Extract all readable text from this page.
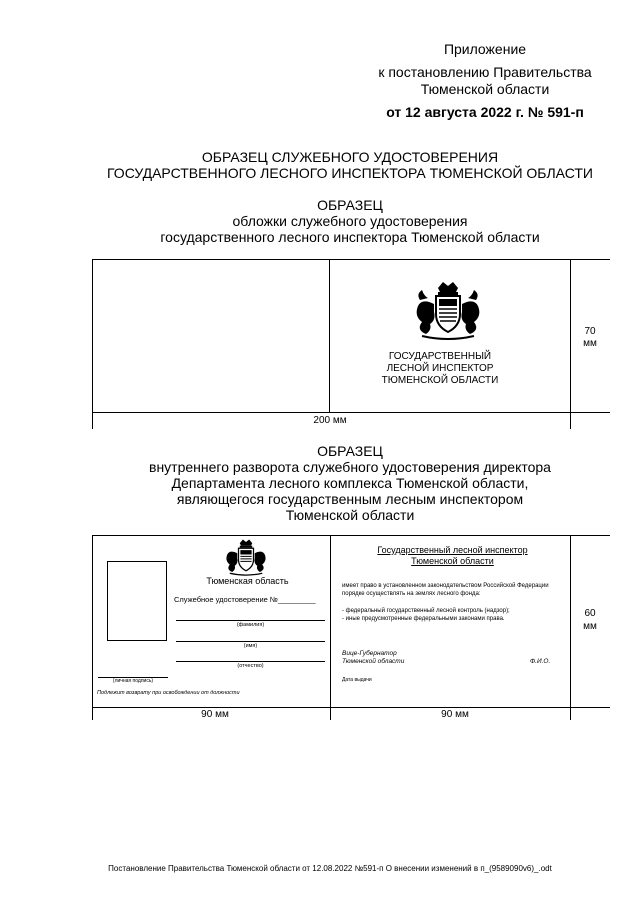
Приложение
к постановлению Правительства
Тюменской области
от 12 августа 2022 г. № 591-п
ОБРАЗЕЦ СЛУЖЕБНОГО УДОСТОВЕРЕНИЯ
ГОСУДАРСТВЕННОГО ЛЕСНОГО ИНСПЕКТОРА ТЮМЕНСКОЙ ОБЛАСТИ
ОБРАЗЕЦ
обложки служебного удостоверения
государственного лесного инспектора Тюменской области
ГОСУДАРСТВЕННЫЙ
ЛЕСНОЙ ИНСПЕКТОР
ТЮМЕНСКОЙ ОБЛАСТИ
70
мм
200 мм
ОБРАЗЕЦ
внутреннего разворота служебного удостоверения директора
Департамента лесного комплекса Тюменской области,
являющегося государственным лесным инспектором
Тюменской области
Тюменская область
Служебное удостоверение №_________
(фамилия)
(имя)
(отчество)
(личная подпись)
Подлежит возврату при освобождении от должности
Государственный лесной инспектор
Тюменской области
имеет право в установленном законодательством Российской Федерации порядке осуществлять на землях лесного фонда:
- федеральный государственный лесной контроль (надзор);
- иные предусмотренные федеральными законами права.
Вице-Губернатор
Тюменской области	Ф.И.О.
Дата выдачи
60
мм
90 мм	90 мм
Постановление Правительства Тюменской области от 12.08.2022 №591-п О внесении изменений в п_(9589090v6)_.odt
